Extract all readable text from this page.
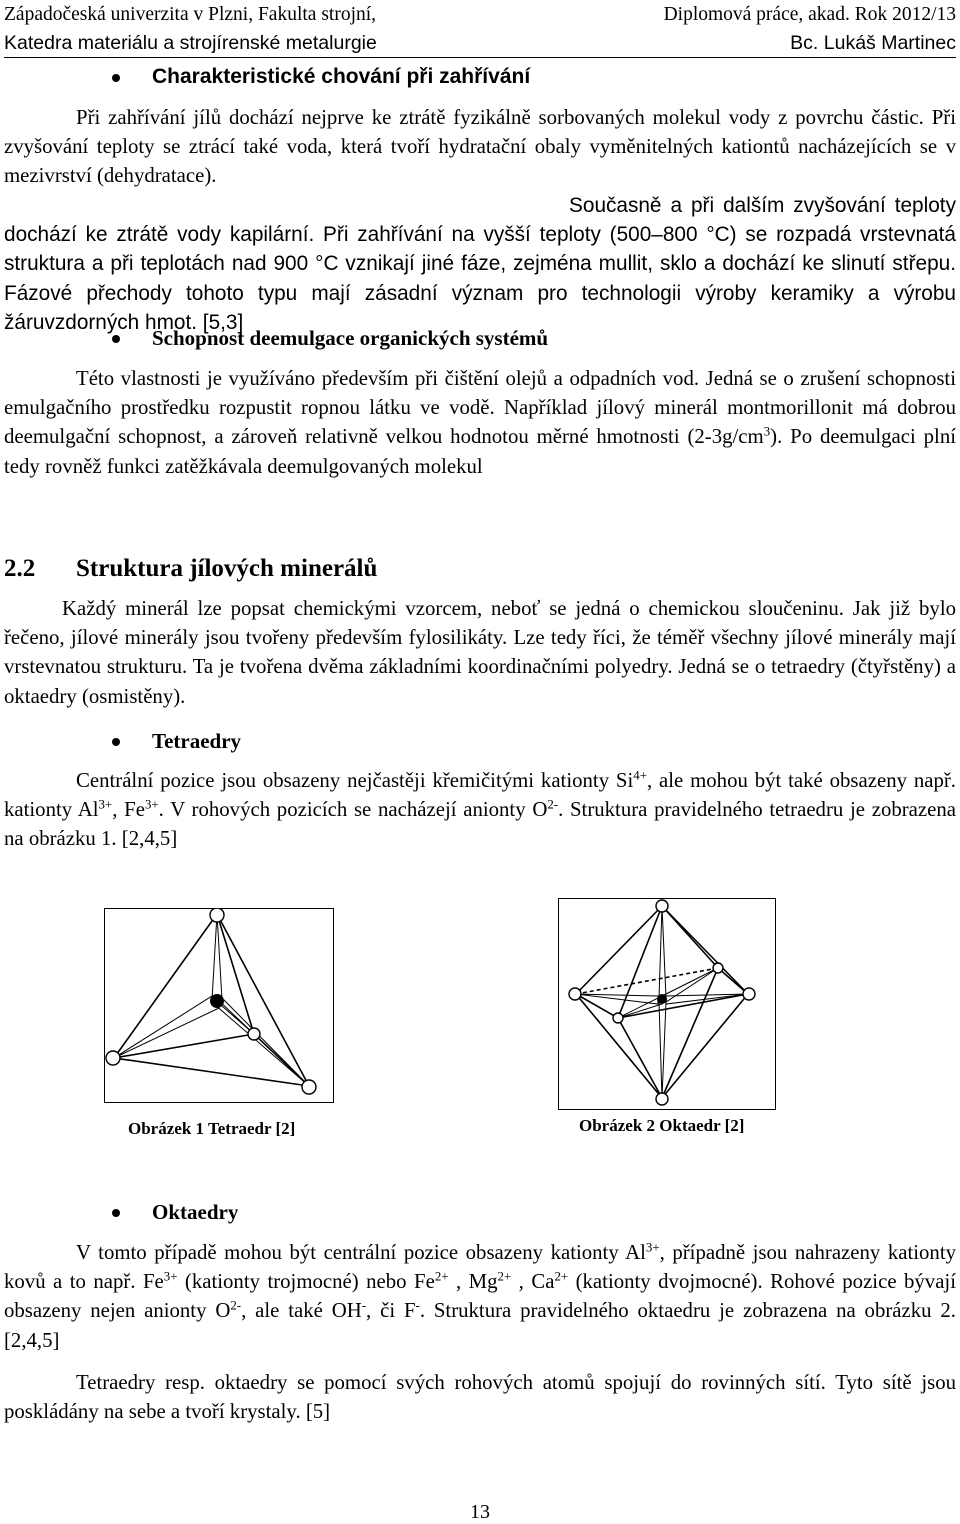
Západočeská univerzita v Plzni, Fakulta strojní,	Diplomová práce, akad. Rok 2012/13
Katedra materiálu a strojírenské metalurgie	Bc. Lukáš Martinec
Charakteristické chování při zahřívání

Při zahřívání jílů dochází nejprve ke ztrátě fyzikálně sorbovaných molekul vody z povrchu částic. Při zvyšování teploty se ztrácí také voda, která tvoří hydratační obaly vyměnitelných kationtů nacházejících se v mezivrství (dehydratace).

Současně a při dalším zvyšování teploty dochází ke ztrátě vody kapilární. Při zahřívání na vyšší teploty (500–800 °C) se rozpadá vrstevnatá struktura a při teplotách nad 900 °C vznikají jiné fáze, zejména mullit, sklo a dochází ke slinutí střepu. Fázové přechody tohoto typu mají zásadní význam pro technologii výroby keramiky a výrobu žáruvzdorných hmot. [5,3]

Schopnost deemulgace organických systémů

Této vlastnosti je využíváno především při čištění olejů a odpadních vod. Jedná se o zrušení schopnosti emulgačního prostředku rozpustit ropnou látku ve vodě. Například jílový minerál montmorillonit má dobrou deemulgační schopnost, a zároveň relativně velkou hodnotou měrné hmotnosti $(2-3g/cm^3)$. Po deemulgaci plní tedy rovněž funkci zatěžkávala deemulgovaných molekul

2.2 Struktura jílových minerálů

Každý minerál lze popsat chemickými vzorcem, neboť se jedná o chemickou sloučeninu. Jak již bylo řečeno, jílové minerály jsou tvořeny především fylosilikáty. Lze tedy říci, že téměř všechny jílové minerály mají vrstevnatou strukturu. Ta je tvořena dvěma základními koordinačními polyedry. Jedná se o tetraedry (čtyřstěny) a oktaedry (osmistěny).

Tetraedry

Centrální pozice jsou obsazeny nejčastěji křemičitými kationty $Si^{4+}$, ale mohou být také obsazeny např. kationty $Al^{3+}$, $Fe^{3+}$. V rohových pozicích se nacházejí anionty $O^{2-}$. Struktura pravidelného tetraedru je zobrazena na obrázku 1. [2,4,5]

Obrázek 1 Tetraedr [2]	Obrázek 2 Oktaedr [2]
Oktaedry

V tomto případě mohou být centrální pozice obsazeny kationty $Al^{3+}$, případně jsou nahrazeny kationty kovů a to např. $Fe^{3+}$ (kationty trojmocné) nebo $Fe^{2+}$ , $Mg^{2+}$ , $Ca^{2+}$ (kationty dvojmocné). Rohové pozice bývají obsazeny nejen anionty $O^{2-}$, ale také OH-, či F-. Struktura pravidelného oktaedru je zobrazena na obrázku 2. [2,4,5]

Tetraedry resp. oktaedry se pomocí svých rohových atomů spojují do rovinných sítí. Tyto sítě jsou poskládány na sebe a tvoří krystaly. [5]

13
